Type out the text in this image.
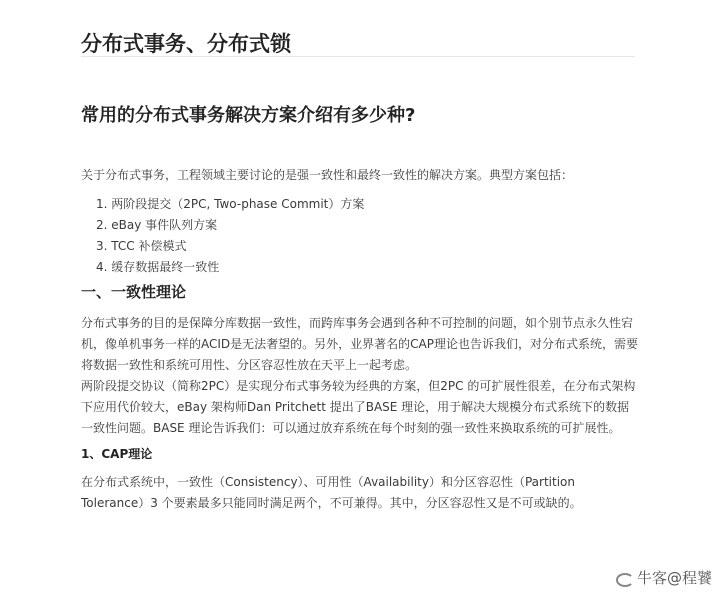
分布式事务、分布式锁
常用的分布式事务解决方案介绍有多少种?

关于分布式事务，工程领域主要讨论的是强一致性和最终一致性的解决方案。典型方案包括：

1. 两阶段提交（2PC, Two-phase Commit）方案
2. eBay 事件队列方案
3. TCC 补偿模式
4. 缓存数据最终一致性
一、一致性理论

分布式事务的目的是保障分库数据一致性，而跨库事务会遇到各种不可控制的问题，如个别节点永久性宕机，像单机事务一样的ACID是无法奢望的。另外，业界著名的CAP理论也告诉我们，对分布式系统，需要将数据一致性和系统可用性、分区容忍性放在天平上一起考虑。

两阶段提交协议（简称2PC）是实现分布式事务较为经典的方案，但2PC 的可扩展性很差，在分布式架构下应用代价较大，eBay 架构师Dan Pritchett 提出了BASE 理论，用于解决大规模分布式系统下的数据一致性问题。BASE 理论告诉我们：可以通过放弃系统在每个时刻的强一致性来换取系统的可扩展性。

1、CAP理论

在分布式系统中，一致性（Consistency）、可用性（Availability）和分区容忍性（Partition Tolerance）3 个要素最多只能同时满足两个，不可兼得。其中，分区容忍性又是不可或缺的。

牛客@程饕
